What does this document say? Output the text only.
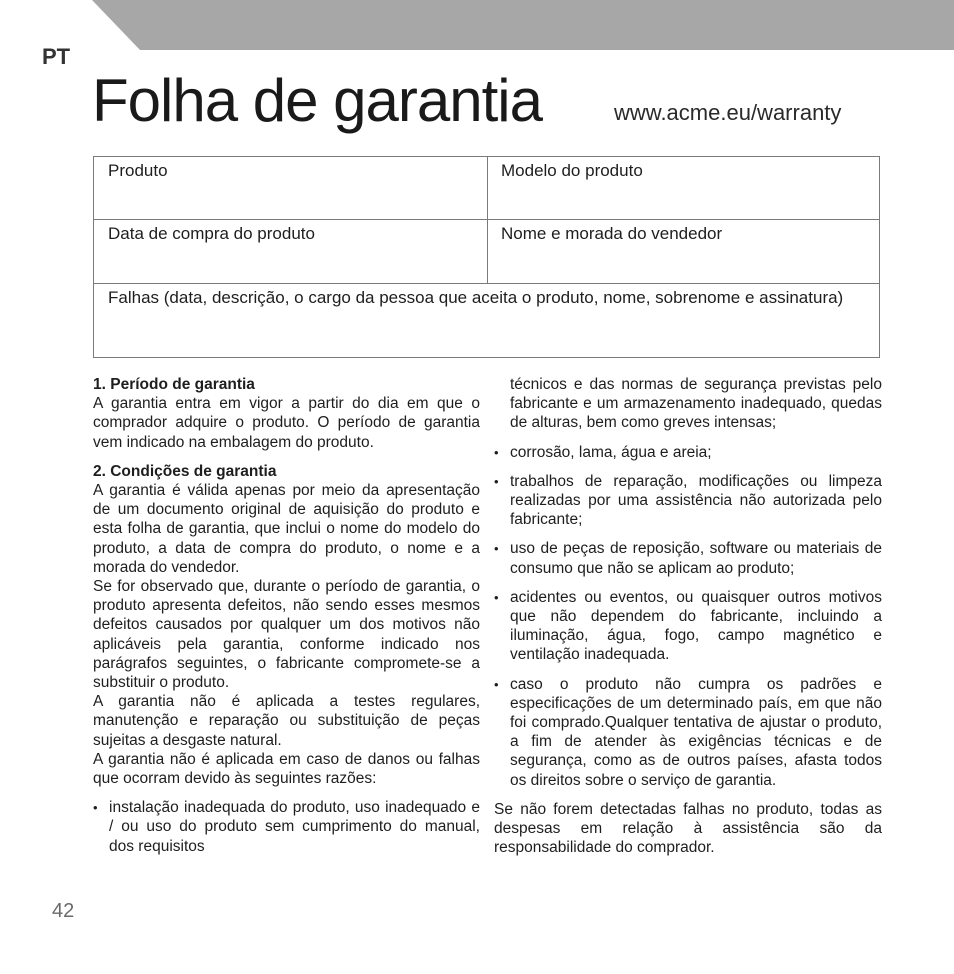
PT
Folha de garantia	www.acme.eu/warranty
Produto	Modelo do produto
Data de compra do produto	Nome e morada do vendedor
Falhas (data, descrição, o cargo da pessoa que aceita o produto, nome, sobrenome e assinatura)

1. Período de garantia

A garantia entra em vigor a partir do dia em que o comprador adquire o produto. O período de garantia vem indicado na embalagem do produto.

2. Condições de garantia

A garantia é válida apenas por meio da apresentação de um documento original de aquisição do produto e esta folha de garantia, que inclui o nome do modelo do produto, a data de compra do produto, o nome e a morada do vendedor.

Se for observado que, durante o período de garantia, o produto apresenta defeitos, não sendo esses mesmos defeitos causados por qualquer um dos motivos não aplicáveis pela garantia, conforme indicado nos parágrafos seguintes, o fabricante compromete-se a substituir o produto.

A garantia não é aplicada a testes regulares, manutenção e reparação ou substituição de peças sujeitas a desgaste natural.

A garantia não é aplicada em caso de danos ou falhas que ocorram devido às seguintes razões:

• instalação inadequada do produto, uso inadequado e / ou uso do produto sem cumprimento do manual, dos requisitos

técnicos e das normas de segurança previstas pelo fabricante e um armazenamento inadequado, quedas de alturas, bem como greves intensas;

• corrosão, lama, água e areia;

• trabalhos de reparação, modificações ou limpeza realizadas por uma assistência não autorizada pelo fabricante;

• uso de peças de reposição, software ou materiais de consumo que não se aplicam ao produto;

• acidentes ou eventos, ou quaisquer outros motivos que não dependem do fabricante, incluindo a iluminação, água, fogo, campo magnético e ventilação inadequada.

• caso o produto não cumpra os padrões e especificações de um determinado país, em que não foi comprado.Qualquer tentativa de ajustar o produto, a fim de atender às exigências técnicas e de segurança, como as de outros países, afasta todos os direitos sobre o serviço de garantia.

Se não forem detectadas falhas no produto, todas as despesas em relação à assistência são da responsabilidade do comprador.

42
